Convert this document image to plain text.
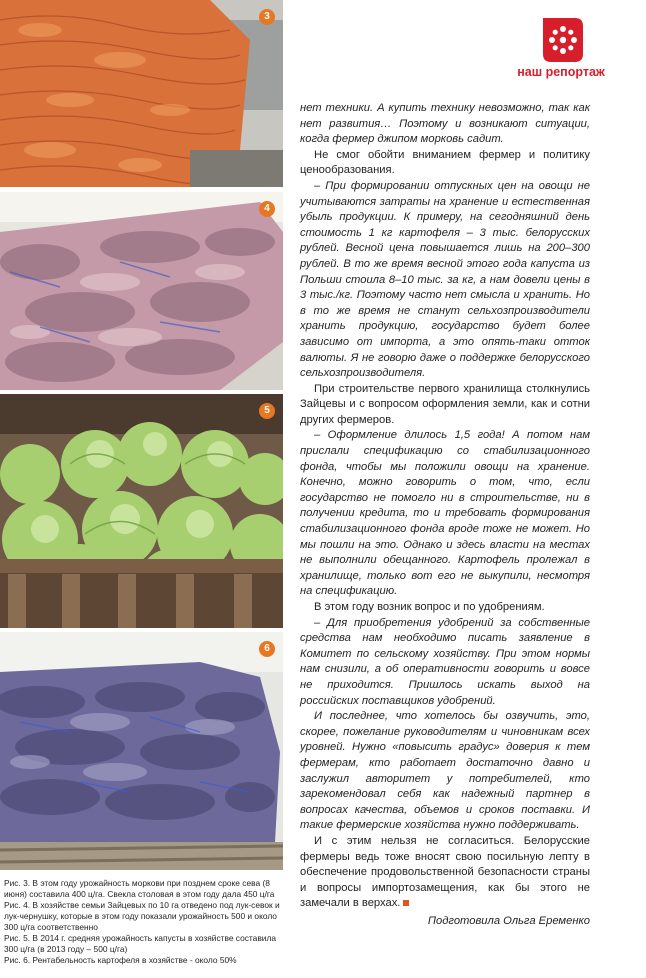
3
4
5
6

Рис. 3. В этом году урожайность моркови при позднем сроке сева (8 июня) составила 400 ц/га. Свекла столовая в этом году дала 450 ц/га

Рис. 4. В хозяйстве семьи Зайцевых по 10 га отведено под лук-севок и лук-чернушку, которые в этом году показали урожайность 500 и около 300 ц/га соответственно

Рис. 5. В 2014 г. средняя урожайность капусты в хозяйстве составила 300 ц/га (в 2013 году – 500 ц/га)

Рис. 6. Рентабельность картофеля в хозяйстве - около 50%

наш репортаж

нет техники. А купить технику невозможно, так как нет развития… Поэтому и возникают ситуации, когда фермер джипом морковь садит.

Не смог обойти вниманием фермер и политику ценообразования.

– При формировании отпускных цен на овощи не учитываются затраты на хранение и естественная убыль продукции. К примеру, на сегодняшний день стоимость 1 кг картофеля – 3 тыс. белорусских рублей. Весной цена повышается лишь на 200–300 рублей. В то же время весной этого года капуста из Польши стоила 8–10 тыс. за кг, а нам довели цены в 3 тыс./кг. Поэтому часто нет смысла и хранить. Но в то же время не станут сельхозпроизводители хранить продукцию, государство будет более зависимо от импорта, а это опять-таки отток валюты. Я не говорю даже о поддержке белорусского сельхозпроизводителя.

При строительстве первого хранилища столкнулись Зайцевы и с вопросом оформления земли, как и сотни других фермеров.

– Оформление длилось 1,5 года! А потом нам прислали спецификацию со стабилизационного фонда, чтобы мы положили овощи на хранение. Конечно, можно говорить о том, что, если государство не помогло ни в строительстве, ни в получении кредита, то и требовать формирования стабилизационного фонда вроде тоже не может. Но мы пошли на это. Однако и здесь власти на местах не выполнили обещанного. Картофель пролежал в хранилище, только вот его не выкупили, несмотря на спецификацию.

В этом году возник вопрос и по удобрениям.

– Для приобретения удобрений за собственные средства нам необходимо писать заявление в Комитет по сельскому хозяйству. При этом нормы нам снизили, а об оперативности говорить и вовсе не приходится. Пришлось искать выход на российских поставщиков удобрений.

И последнее, что хотелось бы озвучить, это, скорее, пожелание руководителям и чиновникам всех уровней. Нужно «повысить градус» доверия к тем фермерам, кто работает достаточно давно и заслужил авторитет у потребителей, кто зарекомендовал себя как надежный партнер в вопросах качества, объемов и сроков поставки. И такие фермерские хозяйства нужно поддерживать.

И с этим нельзя не согласиться. Белорусские фермеры ведь тоже вносят свою посильную лепту в обеспечение продовольственной безопасности страны и вопросы импортозамещения, как бы этого не замечали в верхах.

Подготовила Ольга Еременко
